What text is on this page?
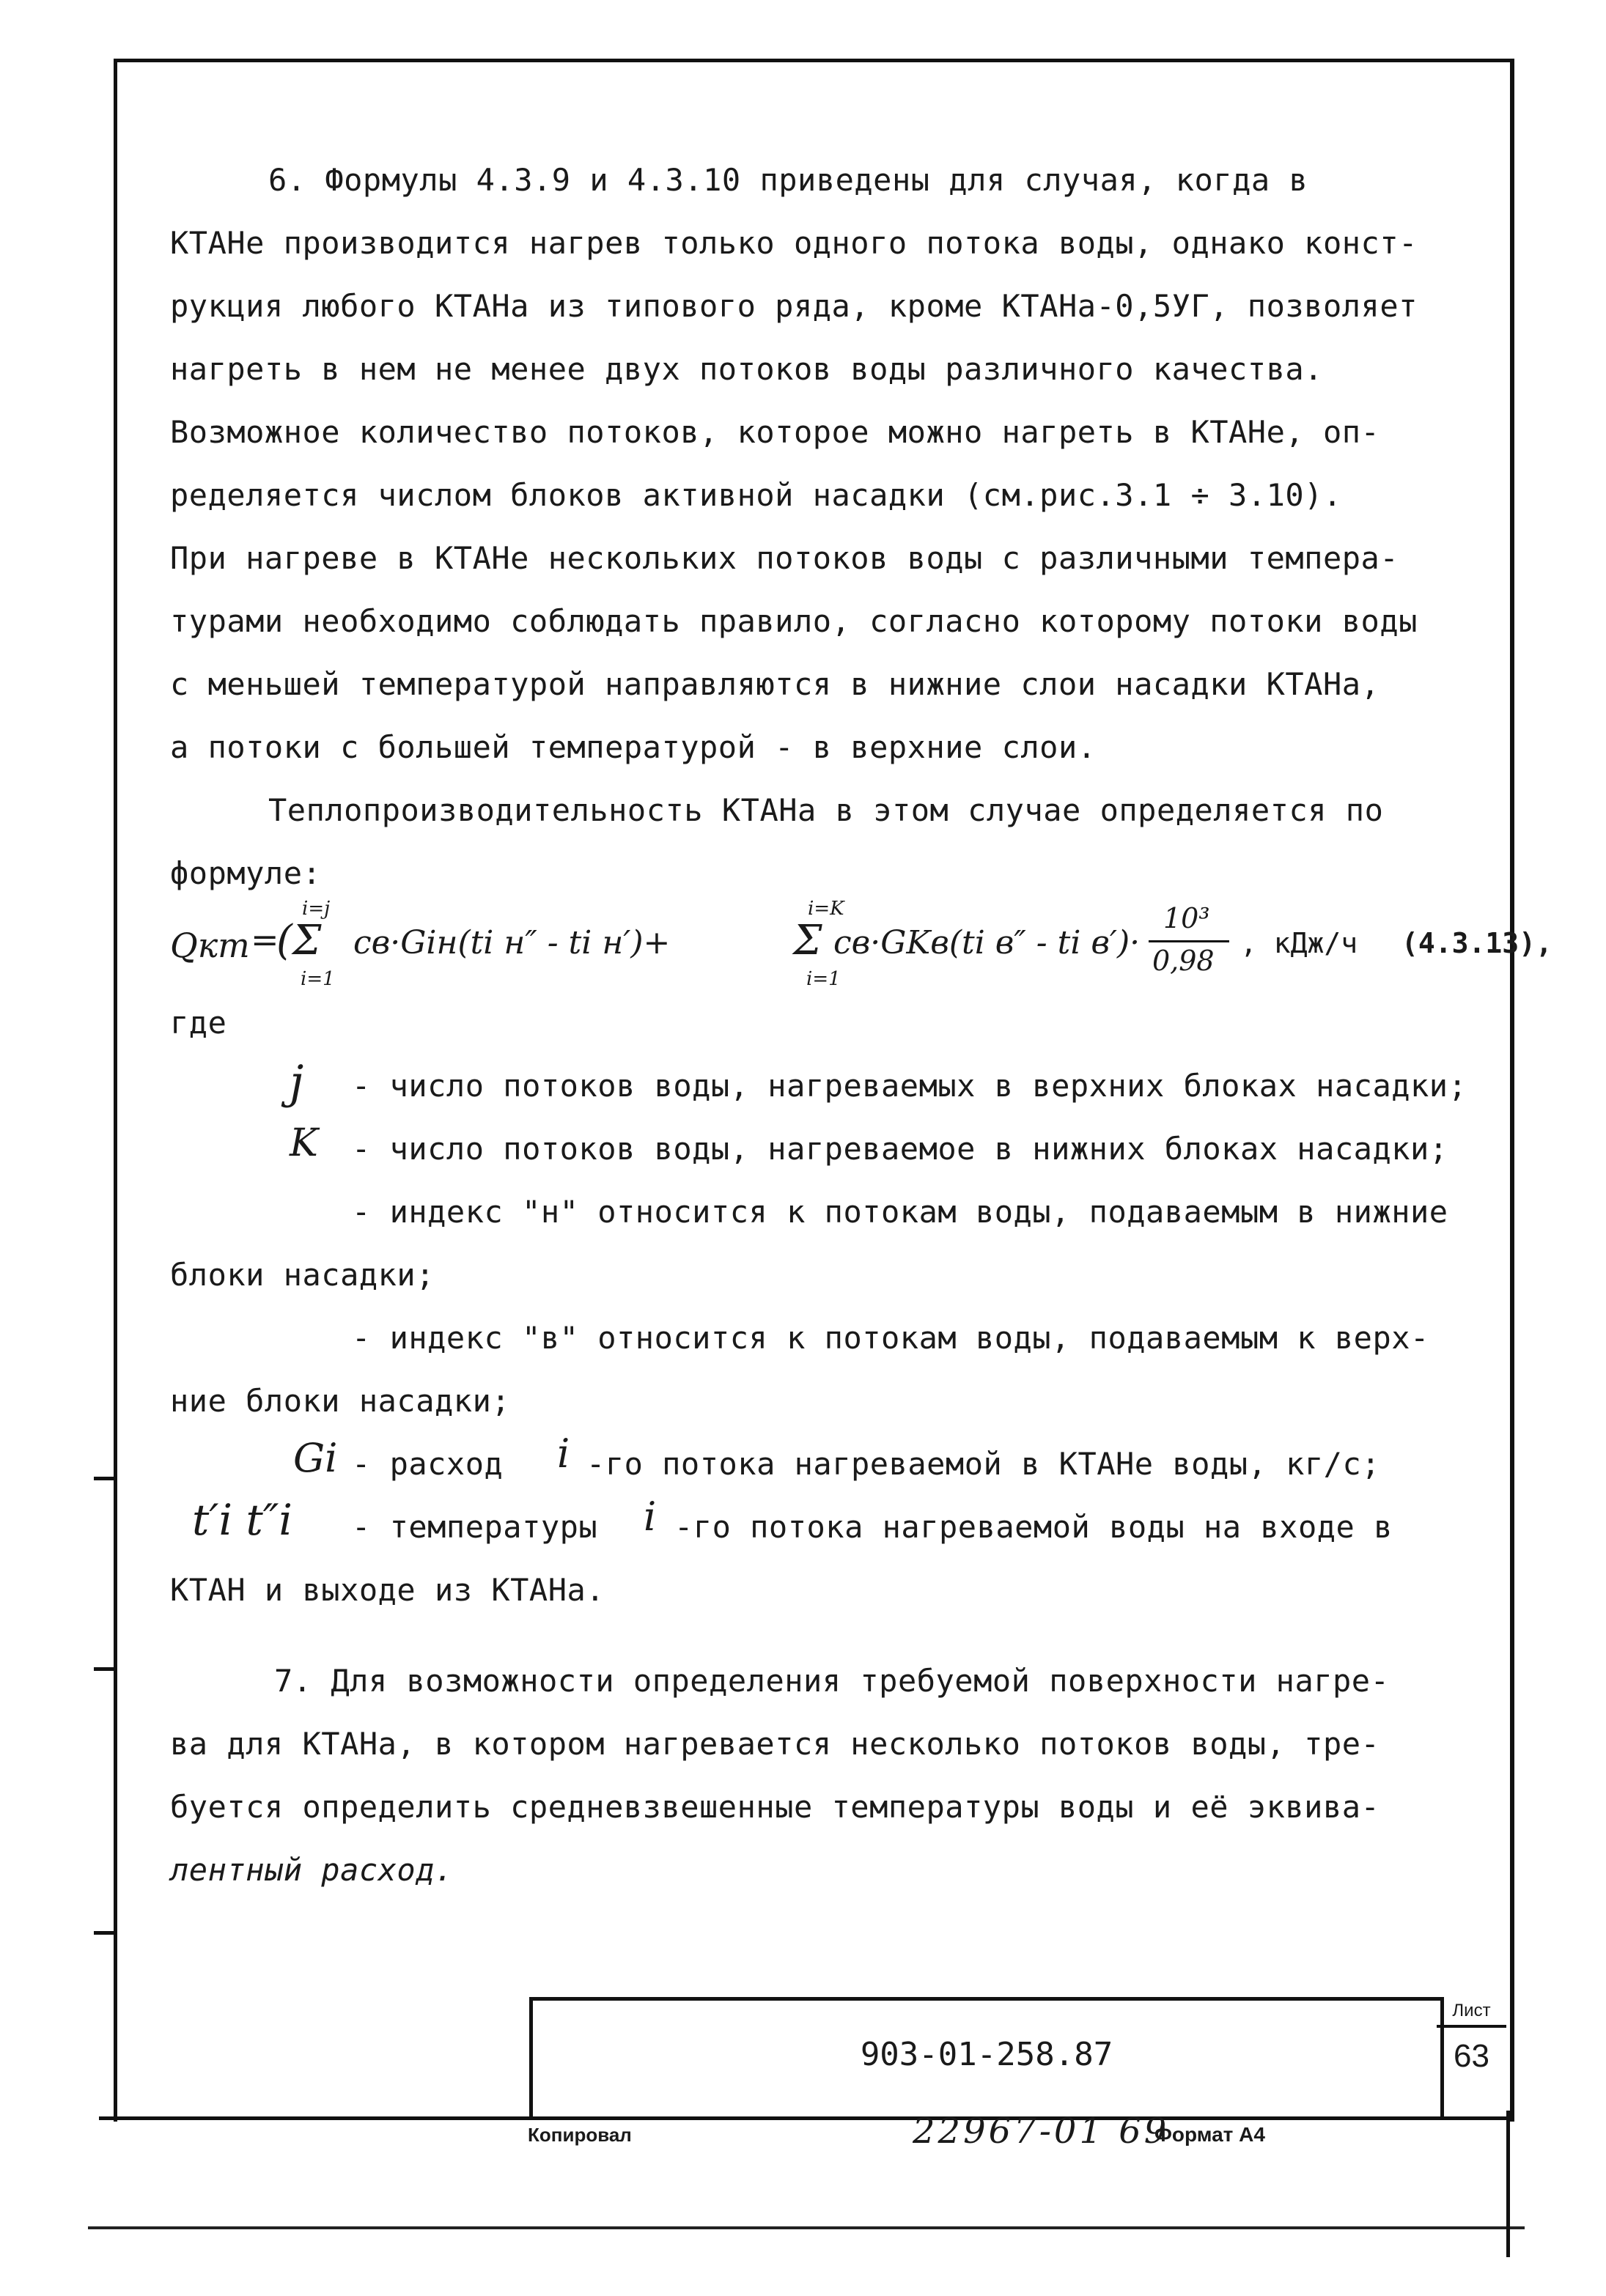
6. Формулы 4.3.9 и 4.3.10 приведены для случая, когда в
КТАНе производится нагрев только одного потока воды, однако конст-
рукция любого КТАНа из типового ряда, кроме КТАНа-0,5УГ, позволяет
нагреть в нем не менее двух потоков воды различного качества.
Возможное количество потоков, которое можно нагреть в КТАНе, оп-
ределяется числом блоков активной насадки (см.рис.3.1 ÷ 3.10).
При нагреве в КТАНе нескольких потоков воды с различными темпера-
турами необходимо соблюдать правило, согласно которому потоки воды
с меньшей температурой направляются в нижние слои насадки КТАНа,
а потоки с большей температурой - в верхние слои.
Теплопроизводительность КТАНа в этом случае определяется по
формуле:
Qкт =
(Σ
i=j
i=1
cв·Giн(ti н″ - ti н′)+	Σ
i=K
i=1
cв·GKв(ti в″ - ti в′)·
10³
0,98
, кДж/ч (4.3.13),
где
j - число потоков воды, нагреваемых в верхних блоках насадки;
K - число потоков воды, нагреваемое в нижних блоках насадки;
- индекс "н" относится к потокам воды, подаваемым в нижние
блоки насадки;
- индекс "в" относится к потокам воды, подаваемым к верх-
ние блоки насадки;
Gi - расход i -го потока нагреваемой в КТАНе воды, кг/с;
t′i t″i - температуры i -го потока нагреваемой воды на входе в
КТАН и выходе из КТАНа.
7. Для возможности определения требуемой поверхности нагре-
ва для КТАНа, в котором нагревается несколько потоков воды, тре-
буется определить средневзвешенные температуры воды и её эквива-
лентный расход.
903-01-258.87
Лист
63
Копировал	22967-01 69
Формат А4
